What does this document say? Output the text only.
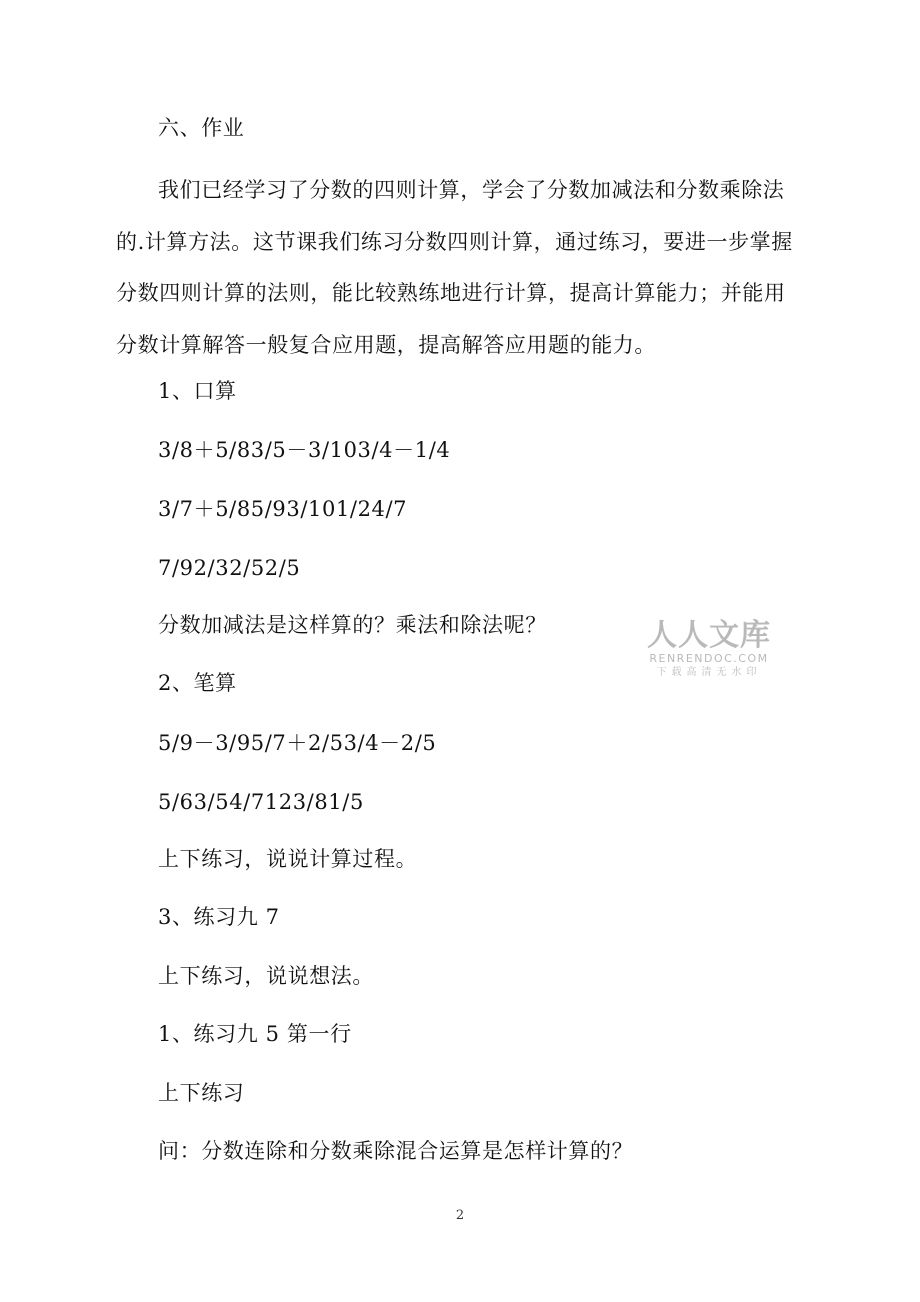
六、作业
我们已经学习了分数的四则计算，学会了分数加减法和分数乘除法的.计算方法。这节课我们练习分数四则计算，通过练习，要进一步掌握分数四则计算的法则，能比较熟练地进行计算，提高计算能力；并能用分数计算解答一般复合应用题，提高解答应用题的能力。
1、口算
3/8＋5/83/5－3/103/4－1/4
3/7＋5/85/93/101/24/7
7/92/32/52/5
分数加减法是这样算的？乘法和除法呢？
2、笔算
5/9－3/95/7＋2/53/4－2/5
5/63/54/7123/81/5
上下练习，说说计算过程。
3、练习九 7
上下练习，说说想法。
1、练习九 5 第一行
上下练习
问：分数连除和分数乘除混合运算是怎样计算的？
人人文库
RENRENDOC.COM
下载高清无水印
2
